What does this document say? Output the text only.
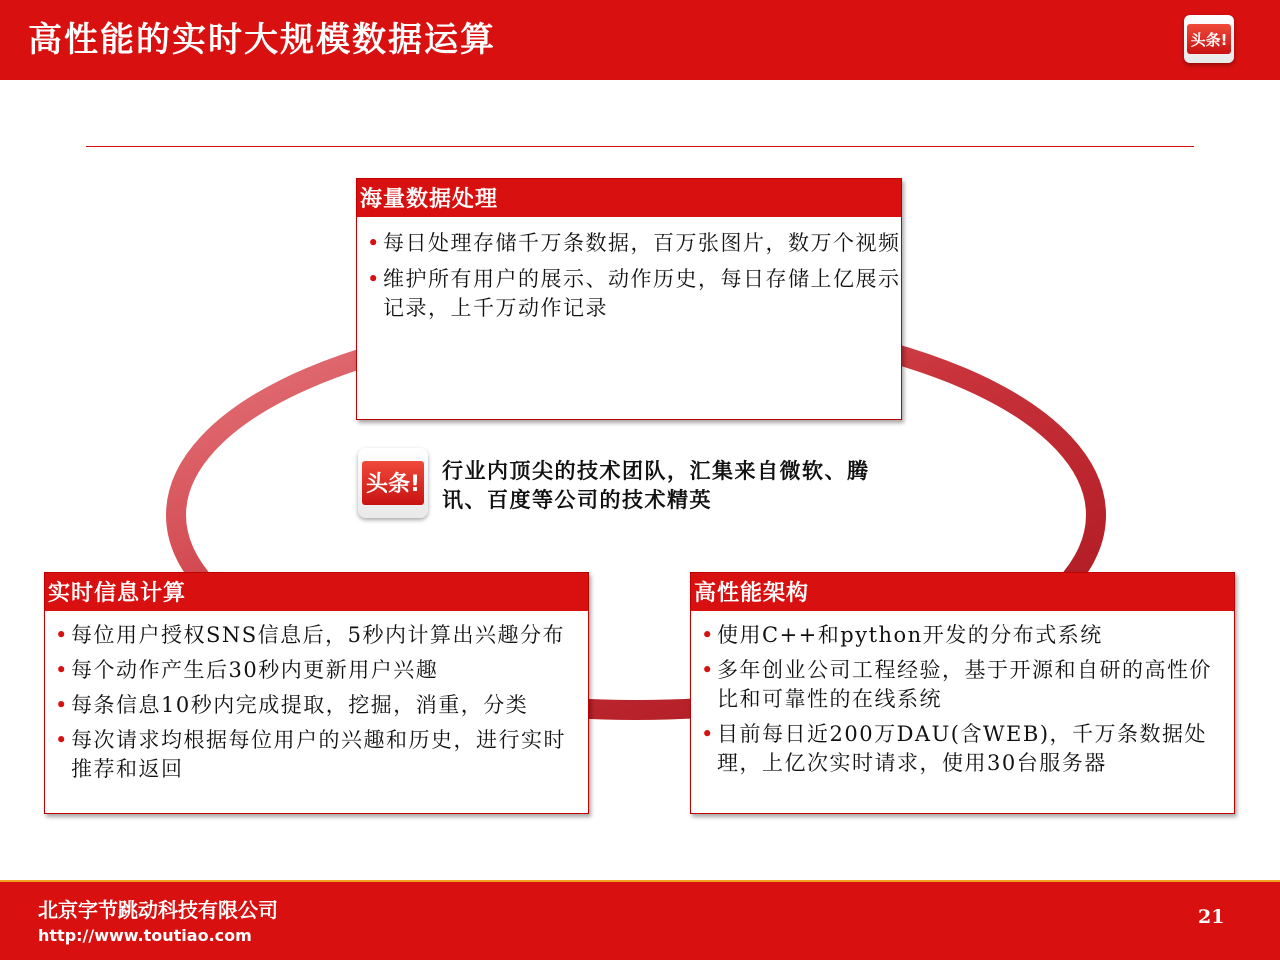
高性能的实时大规模数据运算	头条!
海量数据处理
• 每日处理存储千万条数据，百万张图片，数万个视频
• 维护所有用户的展示、动作历史，每日存储上亿展示记录，上千万动作记录
头条!
行业内顶尖的技术团队，汇集来自微软、腾讯、百度等公司的技术精英
实时信息计算
• 每位用户授权SNS信息后，5秒内计算出兴趣分布
• 每个动作产生后30秒内更新用户兴趣
• 每条信息10秒内完成提取，挖掘，消重，分类
• 每次请求均根据每位用户的兴趣和历史，进行实时推荐和返回
高性能架构
• 使用C++和python开发的分布式系统
• 多年创业公司工程经验，基于开源和自研的高性价比和可靠性的在线系统
• 目前每日近200万DAU(含WEB)，千万条数据处理，上亿次实时请求，使用30台服务器
北京字节跳动科技有限公司
http://www.toutiao.com
21
